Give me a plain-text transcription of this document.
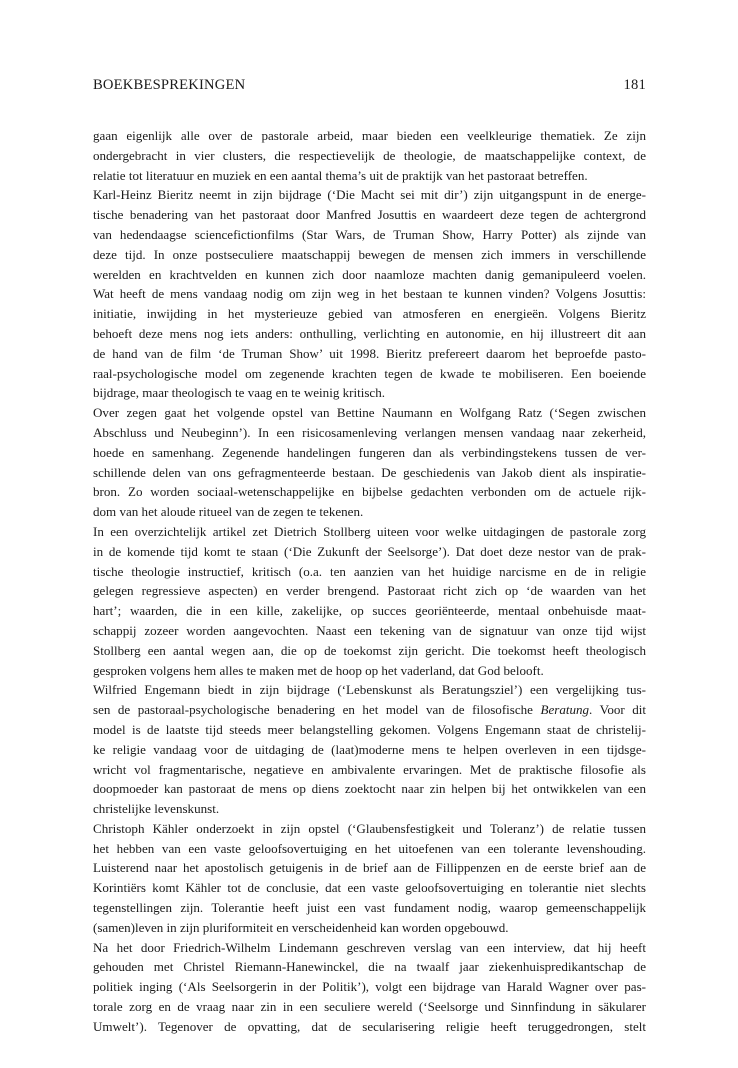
BOEKBESPREKINGEN	181

gaan eigenlijk alle over de pastorale arbeid, maar bieden een veelkleurige thematiek. Ze zijn
ondergebracht in vier clusters, die respectievelijk de theologie, de maatschappelijke context, de
relatie tot literatuur en muziek en een aantal thema’s uit de praktijk van het pastoraat betreffen.

Karl-Heinz Bieritz neemt in zijn bijdrage (‘Die Macht sei mit dir’) zijn uitgangspunt in de energe-
tische benadering van het pastoraat door Manfred Josuttis en waardeert deze tegen de achtergrond
van hedendaagse sciencefictionfilms (Star Wars, de Truman Show, Harry Potter) als zijnde van
deze tijd. In onze postseculiere maatschappij bewegen de mensen zich immers in verschillende
werelden en krachtvelden en kunnen zich door naamloze machten danig gemanipuleerd voelen.
Wat heeft de mens vandaag nodig om zijn weg in het bestaan te kunnen vinden? Volgens Josuttis:
initiatie, inwijding in het mysterieuze gebied van atmosferen en energieën. Volgens Bieritz
behoeft deze mens nog iets anders: onthulling, verlichting en autonomie, en hij illustreert dit aan
de hand van de film ‘de Truman Show’ uit 1998. Bieritz prefereert daarom het beproefde pasto-
raal-psychologische model om zegenende krachten tegen de kwade te mobiliseren. Een boeiende
bijdrage, maar theologisch te vaag en te weinig kritisch.

Over zegen gaat het volgende opstel van Bettine Naumann en Wolfgang Ratz (‘Segen zwischen
Abschluss und Neubeginn’). In een risicosamenleving verlangen mensen vandaag naar zekerheid,
hoede en samenhang. Zegenende handelingen fungeren dan als verbindingstekens tussen de ver-
schillende delen van ons gefragmenteerde bestaan. De geschiedenis van Jakob dient als inspiratie-
bron. Zo worden sociaal-wetenschappelijke en bijbelse gedachten verbonden om de actuele rijk-
dom van het aloude ritueel van de zegen te tekenen.

In een overzichtelijk artikel zet Dietrich Stollberg uiteen voor welke uitdagingen de pastorale zorg
in de komende tijd komt te staan (‘Die Zukunft der Seelsorge’). Dat doet deze nestor van de prak-
tische theologie instructief, kritisch (o.a. ten aanzien van het huidige narcisme en de in religie
gelegen regressieve aspecten) en verder brengend. Pastoraat richt zich op ‘de waarden van het
hart’; waarden, die in een kille, zakelijke, op succes georiënteerde, mentaal onbehuisde maat-
schappij zozeer worden aangevochten. Naast een tekening van de signatuur van onze tijd wijst
Stollberg een aantal wegen aan, die op de toekomst zijn gericht. Die toekomst heeft theologisch
gesproken volgens hem alles te maken met de hoop op het vaderland, dat God belooft.

Wilfried Engemann biedt in zijn bijdrage (‘Lebenskunst als Beratungsziel’) een vergelijking tus-
sen de pastoraal-psychologische benadering en het model van de filosofische Beratung. Voor dit
model is de laatste tijd steeds meer belangstelling gekomen. Volgens Engemann staat de christelij-
ke religie vandaag voor de uitdaging de (laat)moderne mens te helpen overleven in een tijdsge-
wricht vol fragmentarische, negatieve en ambivalente ervaringen. Met de praktische filosofie als
doopmoeder kan pastoraat de mens op diens zoektocht naar zin helpen bij het ontwikkelen van een
christelijke levenskunst.

Christoph Kähler onderzoekt in zijn opstel (‘Glaubensfestigkeit und Toleranz’) de relatie tussen
het hebben van een vaste geloofsovertuiging en het uitoefenen van een tolerante levenshouding.
Luisterend naar het apostolisch getuigenis in de brief aan de Fillippenzen en de eerste brief aan de
Korintiërs komt Kähler tot de conclusie, dat een vaste geloofsovertuiging en tolerantie niet slechts
tegenstellingen zijn. Tolerantie heeft juist een vast fundament nodig, waarop gemeenschappelijk
(samen)leven in zijn pluriformiteit en verscheidenheid kan worden opgebouwd.

Na het door Friedrich-Wilhelm Lindemann geschreven verslag van een interview, dat hij heeft
gehouden met Christel Riemann-Hanewinckel, die na twaalf jaar ziekenhuispredikantschap de
politiek inging (‘Als Seelsorgerin in der Politik’), volgt een bijdrage van Harald Wagner over pas-
torale zorg en de vraag naar zin in een seculiere wereld (‘Seelsorge und Sinnfindung in säkularer
Umwelt’). Tegenover de opvatting, dat de secularisering religie heeft teruggedrongen, stelt
